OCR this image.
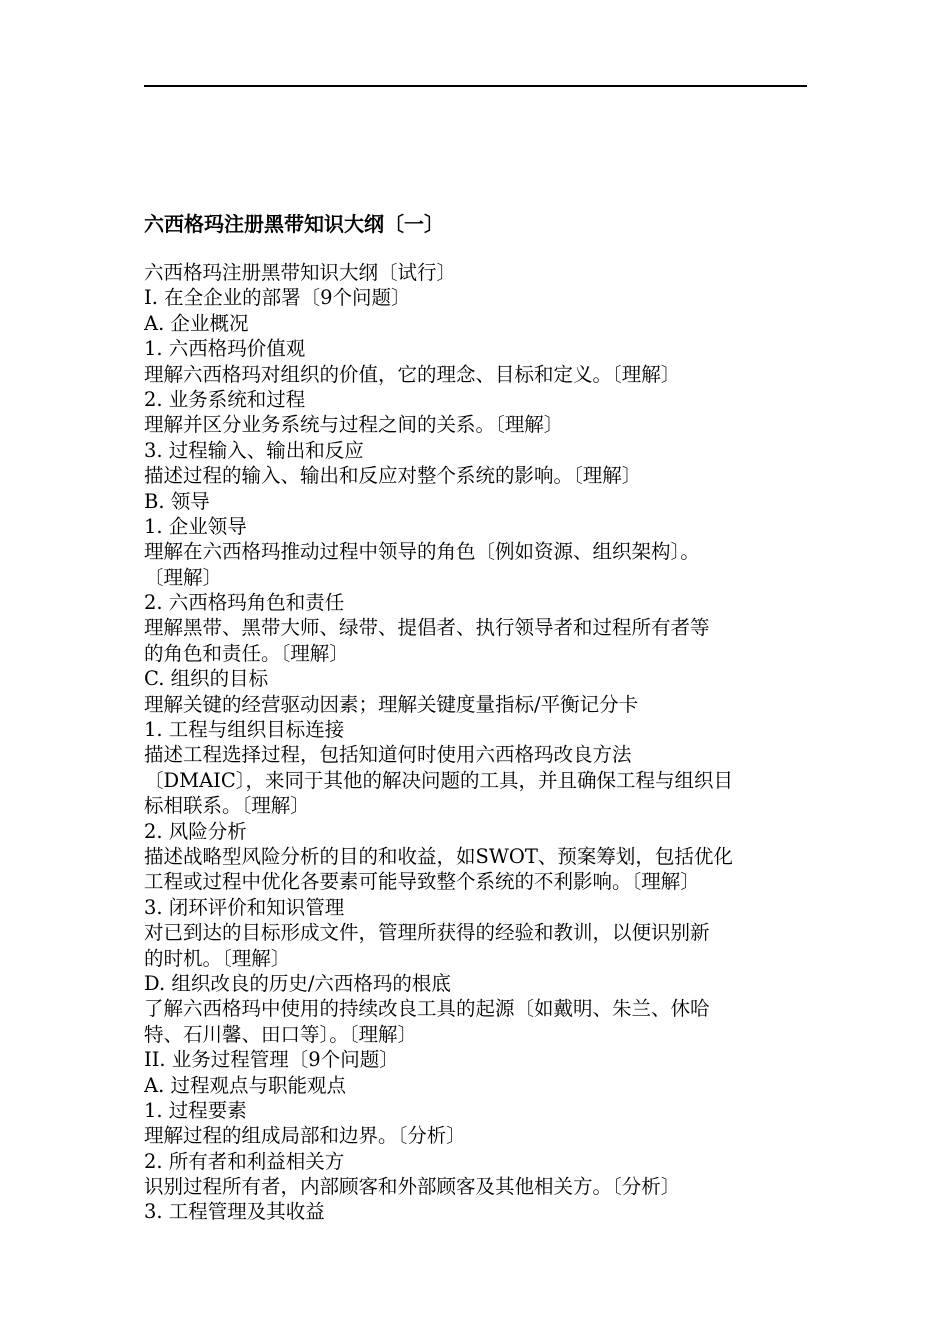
六西格玛注册黑带知识大纲〔一〕
六西格玛注册黑带知识大纲〔试行〕
I. 在全企业的部署〔9个问题〕
A. 企业概况
1. 六西格玛价值观
理解六西格玛对组织的价值，它的理念、目标和定义。〔理解〕
2. 业务系统和过程
理解并区分业务系统与过程之间的关系。〔理解〕
3. 过程输入、输出和反应
描述过程的输入、输出和反应对整个系统的影响。〔理解〕
B. 领导
1. 企业领导
理解在六西格玛推动过程中领导的角色〔例如资源、组织架构〕。
〔理解〕
2. 六西格玛角色和责任
理解黑带、黑带大师、绿带、提倡者、执行领导者和过程所有者等
的角色和责任。〔理解〕
C. 组织的目标
理解关键的经营驱动因素；理解关键度量指标/平衡记分卡
1. 工程与组织目标连接
描述工程选择过程，包括知道何时使用六西格玛改良方法
〔DMAIC〕，来同于其他的解决问题的工具，并且确保工程与组织目
标相联系。〔理解〕
2. 风险分析
描述战略型风险分析的目的和收益，如SWOT、预案筹划，包括优化
工程或过程中优化各要素可能导致整个系统的不利影响。〔理解〕
3. 闭环评价和知识管理
对已到达的目标形成文件，管理所获得的经验和教训，以便识别新
的时机。〔理解〕
D. 组织改良的历史/六西格玛的根底
了解六西格玛中使用的持续改良工具的起源〔如戴明、朱兰、休哈
特、石川馨、田口等〕。〔理解〕
II. 业务过程管理〔9个问题〕
A. 过程观点与职能观点
1. 过程要素
理解过程的组成局部和边界。〔分析〕
2. 所有者和利益相关方
识别过程所有者，内部顾客和外部顾客及其他相关方。〔分析〕
3. 工程管理及其收益
